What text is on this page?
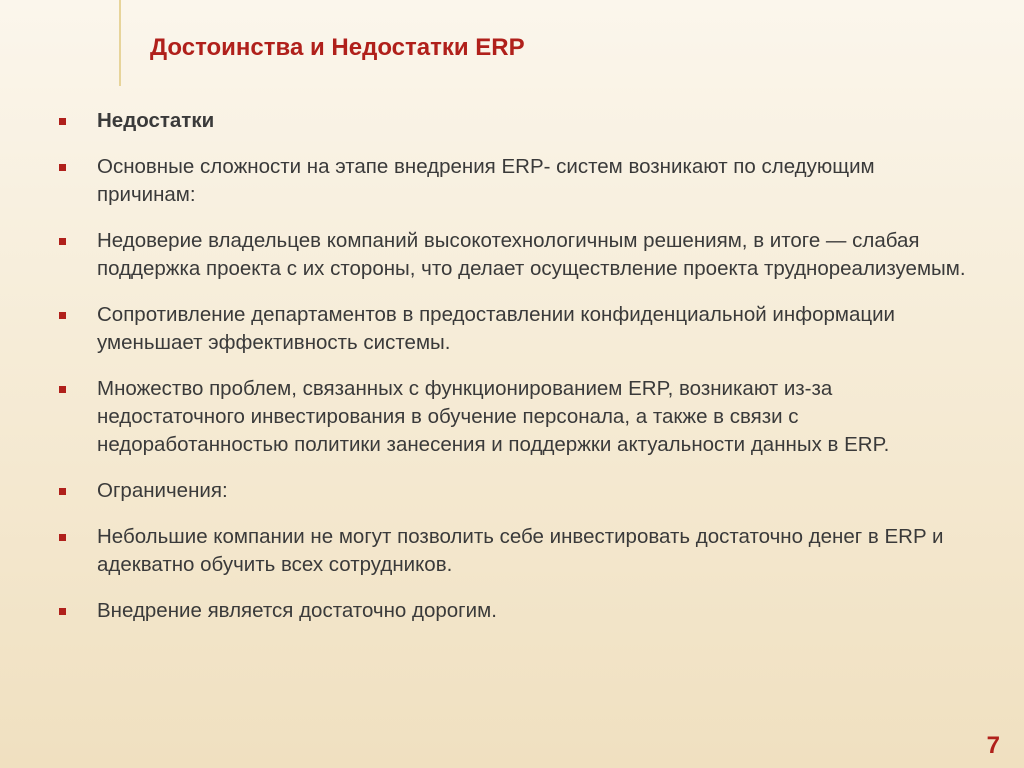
Достоинства и Недостатки ERP
Недостатки
Основные сложности на этапе внедрения ERP- систем возникают по следующим причинам:
Недоверие владельцев компаний высокотехнологичным решениям, в итоге — слабая поддержка проекта с их стороны, что делает осуществление проекта труднореализуемым.
Сопротивление департаментов в предоставлении конфиденциальной информации уменьшает эффективность системы.
Множество проблем, связанных с функционированием ERP, возникают из-за недостаточного инвестирования в обучение персонала, а также в связи с недоработанностью политики занесения и поддержки актуальности данных в ERP.
Ограничения:
Небольшие компании не могут позволить себе инвестировать достаточно денег в ERP и адекватно обучить всех сотрудников.
Внедрение является достаточно дорогим.
7
